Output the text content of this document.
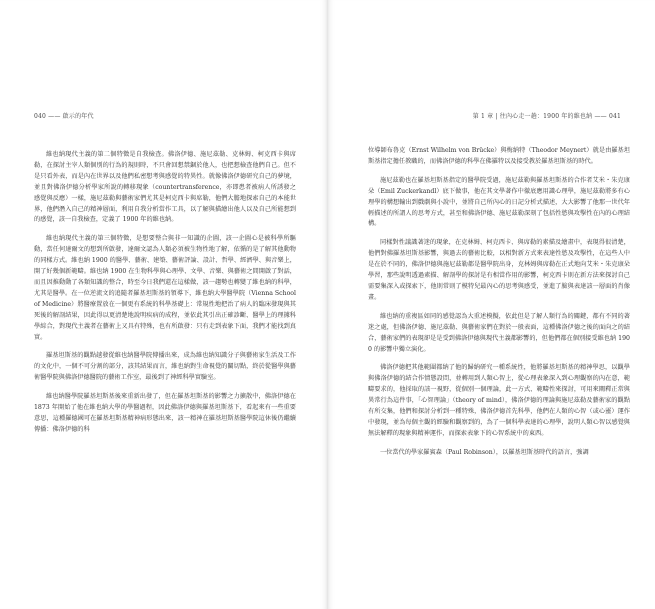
040 —— 啟示的年代

維也納現代主義的第二個特徵是自我檢查。佛洛伊德、施尼茲勒、克林姆、柯克西卡與席勒，在探討主宰人類個別的行為的規則時，不只會回想禁錮於他人，也把想檢查他們自己。但不是只看外表，而是內在世界以及他們私密想考與感覺的特異性。就像佛洛伊德研究自己的夢境，並且對佛洛伊德分析學家所說的轉移現象（countertransference，亦即患者被病人所誘發之感覺與反應）一樣，施尼茲勒與藝術家們尤其是柯克西卡與席勒，他們大膽地探索自己的本能世界，他們潛入自己的精神層面，利用自我分析當作工具，以了解與描繪出他人以及自己所能想到的感覺，該一自我檢查，定義了 1900 年的維也納。

維也納現代主義的第三個特徵，是想要整合與非一知識的企圖，該一企圖心是被科學所驅動，當任何達爾文的想到所啟發，達爾文認為人類必須被生物性地了解，依循的是了解其他動物的同樣方式。維也納 1900 的醫學、藝術、建築、藝術評論、設計、哲學、經濟學、與音樂上，開了好幾個新範疇。維也納 1900 在生物科學與心理學、文學、音樂、與藝術之間開啟了對話，而且因推動動了各類知識的整合，時至今日我們還在這樣做，該一趨勢也轉變了維也納的科學，尤其是醫學。在一位逆流文的追隨者羅基坦斯基的領導下，維也納大學醫學院（Vienna School of Medicine）將醫療置放在一個更有系統的科學基礎上：常規性地把治了病人的臨床發現與其死後的解剖結果，因此得以更清楚地說明疾病的成程，並依此其引出正確診斷、醫學上的理據科學綜合，對現代主義者在藝術上又具有特殊，也有所啟發：只有走到表象下面，我們才能找到真實。

羅基坦斯基的觀點越發從維也納醫學院傳播出來，成為維也納知識分子與藝術家生活及工作的文化中，一個不可分割的部分，該其結果而言，維也納對生命視覺的關切點，終於從醫學與藝術醫學院與佛洛伊德醫院的藝術工作室，最後到了神經科學實驗室。

維也納醫學院羅基坦斯基後來重新出發了，但在羅基坦斯基的影響之力擴散中，佛洛伊德在 1873 年開始了他在維也納大學的學醫過程，因此佛洛伊德與羅基坦斯基下，看起來有一些重要意思，這種羅德國可在羅基坦斯基精神病形態出來，該一精神在羅基坦斯基醫學院這休後仍繼續傳播：佛洛伊德的科

第 1 章 | 往內心走一趟：1900 年的維也納 —— 041

位導師布魯克（Ernst Wilhelm von Brücke）與梅納特（Theodor Meynert）就是由羅基坦斯基指定擔任教職的，而佛洛伊德的科學在佛羅特以及接受教於羅基坦斯基的時代。

施尼茲勒也在羅基坦斯基指定的醫學院受過，施尼茲勒與羅基坦斯基的合作者艾米・朱克康朵（Emil Zuckerkandl）底下做事，他在其文學著作中徹底應用識心理學，施尼茲勒將多有心理學的構想輸出到戲劇與小說中，並將自己所內心的日記分析式描述，大大影響了他那一世代年輕描述的所謂人的思考方式，甚至和佛洛伊德、施尼茲勒深刻了包括性慾與攻擊性在內的心理結構。

同樣對性議識著迷的現象，在克林姆、柯克西卡、與席勒的素描及繪畫中，表現得很清楚，他們對佛羅基坦斯基影響，與過去的藝術比較，以相對新方式來表達性慾及攻擊性，在這些人中是在於不同的，佛洛伊德與施尼茲勒都是醫學院出身，克林姆與席勒在正式地向艾米・朱克康朵學習，那些說明透過素描、解剖學的探討是有相當作用的影響，柯克西卡則在新方法來探討自己需要集深入或探索下，他則常則了模特兒最內心的思考與感受，並進了臉與表達該一層面的肖像畫。

維也納的重複區如同的感覺認為大重述模擬，依此但是了解人類行為的關鍵，都有不同的著迷之處，但佛洛伊德、施尼茲勒、與藝術家們在對於一般表面，這種佛洛伊德之後的面向之的結合，藝術家們的表現卻是是受到佛洛伊德與現代主義都影響的，但他們都在個別接受維也納 1900 的影響中獨立演化。

佛洛伊德把其他範圍都納了他的歸納研究一種系統性，他將羅基坦斯基的精神學思，以觀學與佛洛伊德的結合作情態設問，並轉用到人類心智上，從心理表象深入到心理觀察的內在意，範疇要求的，他採取的該一視野，從個別一個理論，此一方式、範疇性來探討，可用來闡釋正常與異常行為這件事，「心智理論」（theory of mind），佛洛伊德的理論與施尼茲勒及藝術家的觀點有所交集，他們和探討分析到一種特殊，佛洛伊德首先科學，他們在人類的心智（或心靈）運作中發現，並為每個主觀的經驗和觀察到的，為了一個科學表達的心理學，說明人類心智以感覺與無法解釋的現象與精神運作，而探索表象下的心智系統中的東西。

一位當代的學家羅賓森（Paul Robinson），以羅基坦斯基時代的語言，強調
